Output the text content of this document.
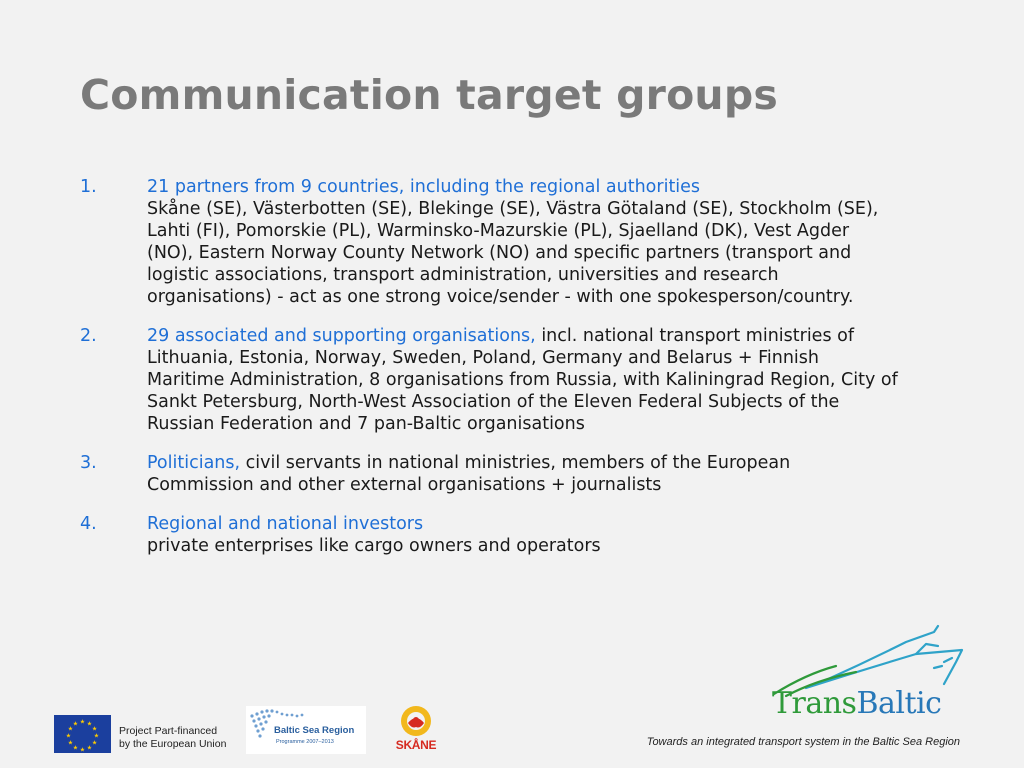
Communication target groups
1.	21 partners from 9 countries, including the regional authorities
Skåne (SE), Västerbotten (SE), Blekinge (SE), Västra Götaland (SE), Stockholm (SE), Lahti (FI), Pomorskie (PL), Warminsko-Mazurskie (PL), Sjaelland (DK), Vest Agder (NO), Eastern Norway County Network (NO) and specific partners (transport and logistic associations, transport administration, universities and research organisations) - act as one strong voice/sender - with one spokesperson/country.
2.	29 associated and supporting organisations, incl. national transport ministries of Lithuania, Estonia, Norway, Sweden, Poland, Germany and Belarus + Finnish Maritime Administration, 8 organisations from Russia, with Kaliningrad Region, City of Sankt Petersburg, North-West Association of the Eleven Federal Subjects of the Russian Federation and 7 pan-Baltic organisations
3.	Politicians, civil servants in national ministries, members of the European Commission and other external organisations + journalists
4.	Regional and national investors
private enterprises like cargo owners and operators
★ ★
★
★
★
★
★
★
★
★
★
★
Project Part-financed
by the European Union
Baltic Sea Region
Programme 2007–2013	SKÅNE
TransBaltic
Towards an integrated transport system in the Baltic Sea Region
